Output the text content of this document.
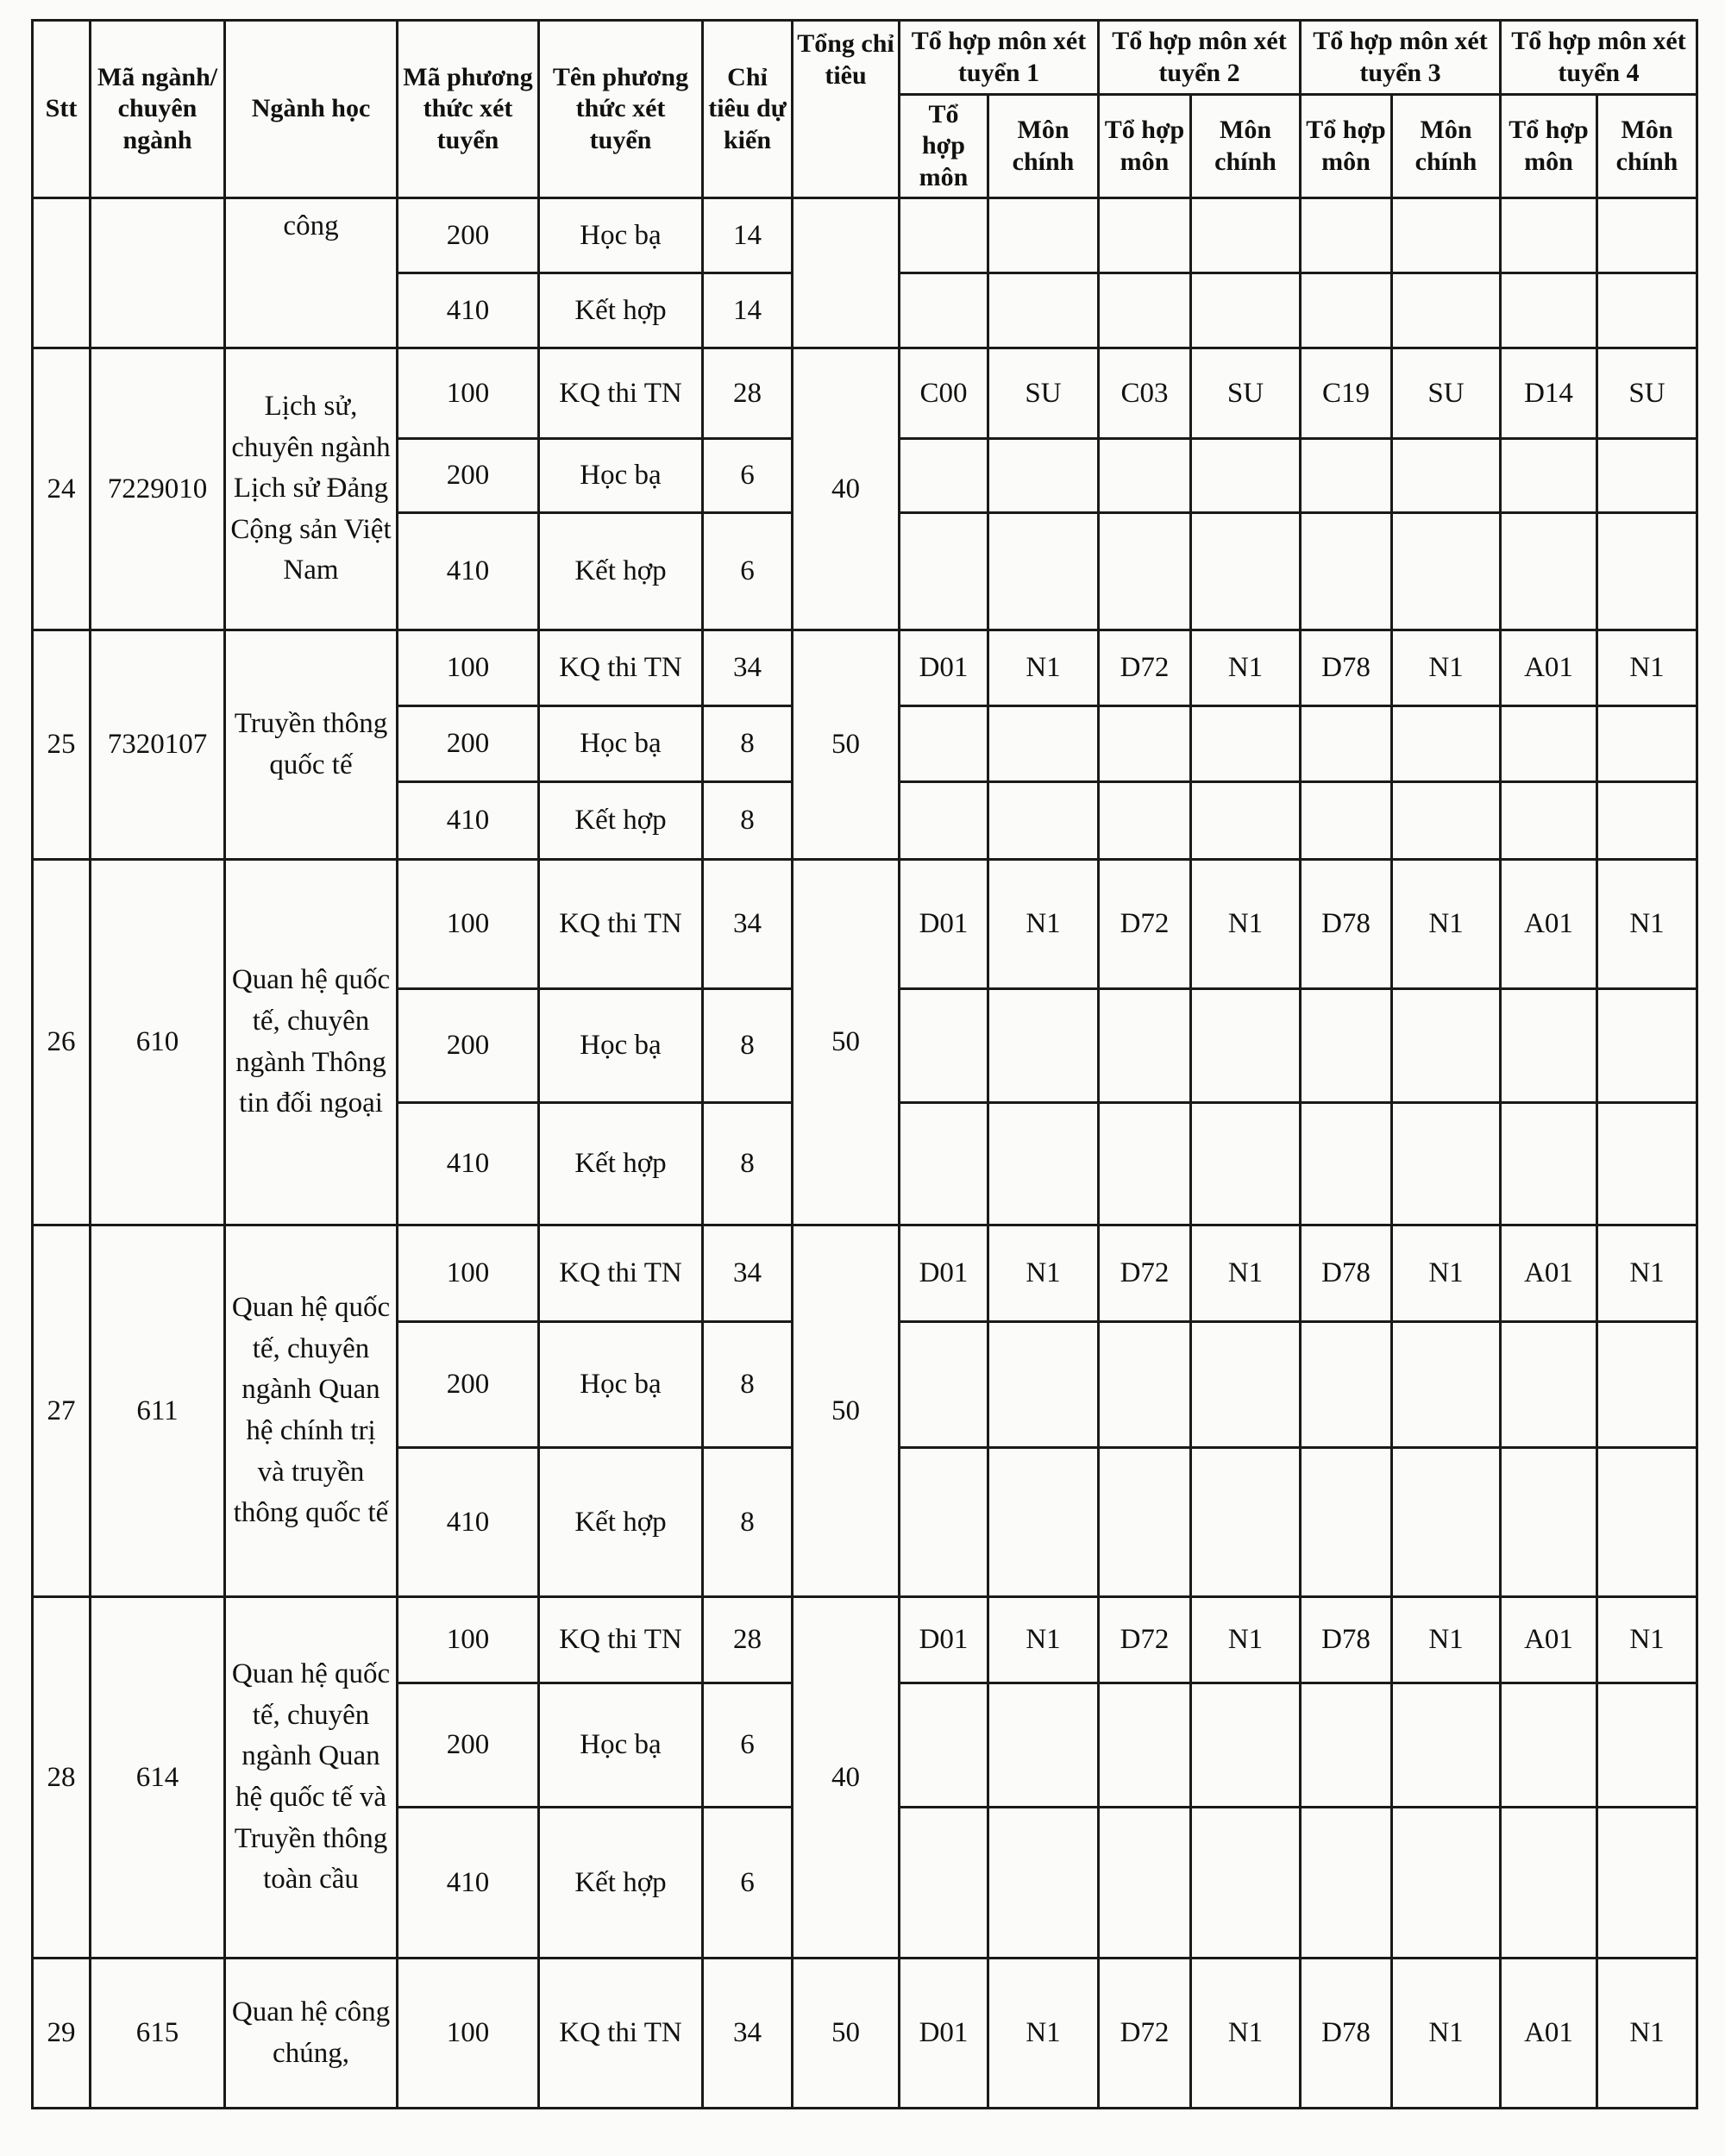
Stt	Mã ngành/ chuyên ngành	Ngành học	Mã phương thức xét tuyển	Tên phương thức xét tuyển	Chỉ tiêu dự kiến	Tổng chỉ tiêu	Tổ hợp môn xét tuyển 1		Tổ hợp môn xét tuyển 2		Tổ hợp môn xét tuyển 3		Tổ hợp môn xét tuyển 4	
							Tổ hợp môn	Môn chính	Tổ hợp môn	Môn chính	Tổ hợp môn	Môn chính	Tổ hợp môn	Môn chính
		công	200	Học bạ	14									
			410	Kết hợp	14									
24	7229010	Lịch sử, chuyên ngành Lịch sử Đảng Cộng sản Việt Nam	100	KQ thi TN	28	40	C00	SU	C03	SU	C19	SU	D14	SU
			200	Học bạ	6									
			410	Kết hợp	6									
25	7320107	Truyền thông quốc tế	100	KQ thi TN	34	50	D01	N1	D72	N1	D78	N1	A01	N1
			200	Học bạ	8									
			410	Kết hợp	8									
26	610	Quan hệ quốc tế, chuyên ngành Thông tin đối ngoại	100	KQ thi TN	34	50	D01	N1	D72	N1	D78	N1	A01	N1
			200	Học bạ	8									
			410	Kết hợp	8									
27	611	Quan hệ quốc tế, chuyên ngành Quan hệ chính trị và truyền thông quốc tế	100	KQ thi TN	34	50	D01	N1	D72	N1	D78	N1	A01	N1
			200	Học bạ	8									
			410	Kết hợp	8									
28	614	Quan hệ quốc tế, chuyên ngành Quan hệ quốc tế và Truyền thông toàn cầu	100	KQ thi TN	28	40	D01	N1	D72	N1	D78	N1	A01	N1
			200	Học bạ	6									
			410	Kết hợp	6									
29	615	Quan hệ công chúng,	100	KQ thi TN	34	50	D01	N1	D72	N1	D78	N1	A01	N1
